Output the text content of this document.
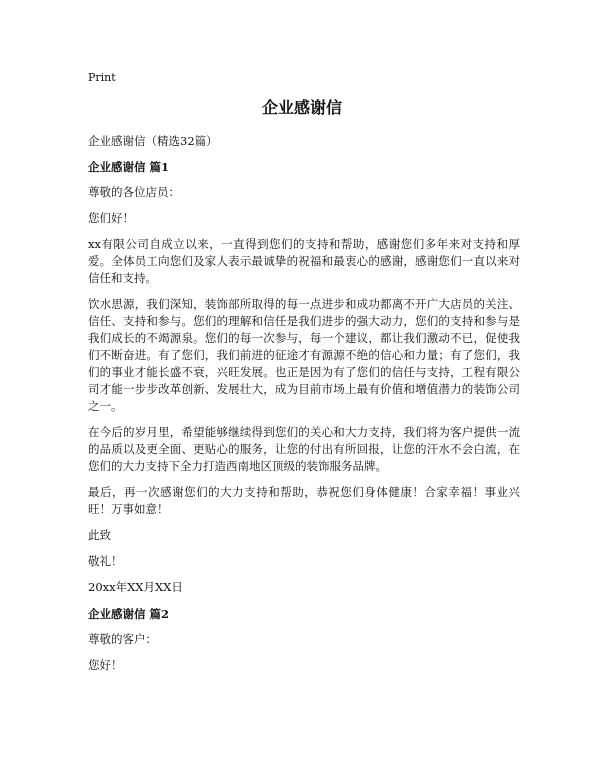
Print
企业感谢信
企业感谢信（精选32篇）
企业感谢信 篇1

尊敬的各位店员：

您们好！

xx有限公司自成立以来，一直得到您们的支持和帮助，感谢您们多年来对支持和厚爱。全体员工向您们及家人表示最诚挚的祝福和最衷心的感谢，感谢您们一直以来对信任和支持。

饮水思源，我们深知，装饰部所取得的每一点进步和成功都离不开广大店员的关注、信任、支持和参与。您们的理解和信任是我们进步的强大动力，您们的支持和参与是我们成长的不竭源泉。您们的每一次参与，每一个建议，都让我们激动不已，促使我们不断奋进。有了您们，我们前进的征途才有源源不绝的信心和力量；有了您们，我们的事业才能长盛不衰，兴旺发展。也正是因为有了您们的信任与支持，工程有限公司才能一步步改革创新、发展壮大，成为目前市场上最有价值和增值潜力的装饰公司之一。

在今后的岁月里，希望能够继续得到您们的关心和大力支持，我们将为客户提供一流的品质以及更全面、更贴心的服务，让您的付出有所回报，让您的汗水不会白流，在您们的大力支持下全力打造西南地区顶级的装饰服务品牌。

最后，再一次感谢您们的大力支持和帮助，恭祝您们身体健康！合家幸福！事业兴旺！万事如意！

此致

敬礼！

20xx年XX月XX日

企业感谢信 篇2

尊敬的客户：

您好！
